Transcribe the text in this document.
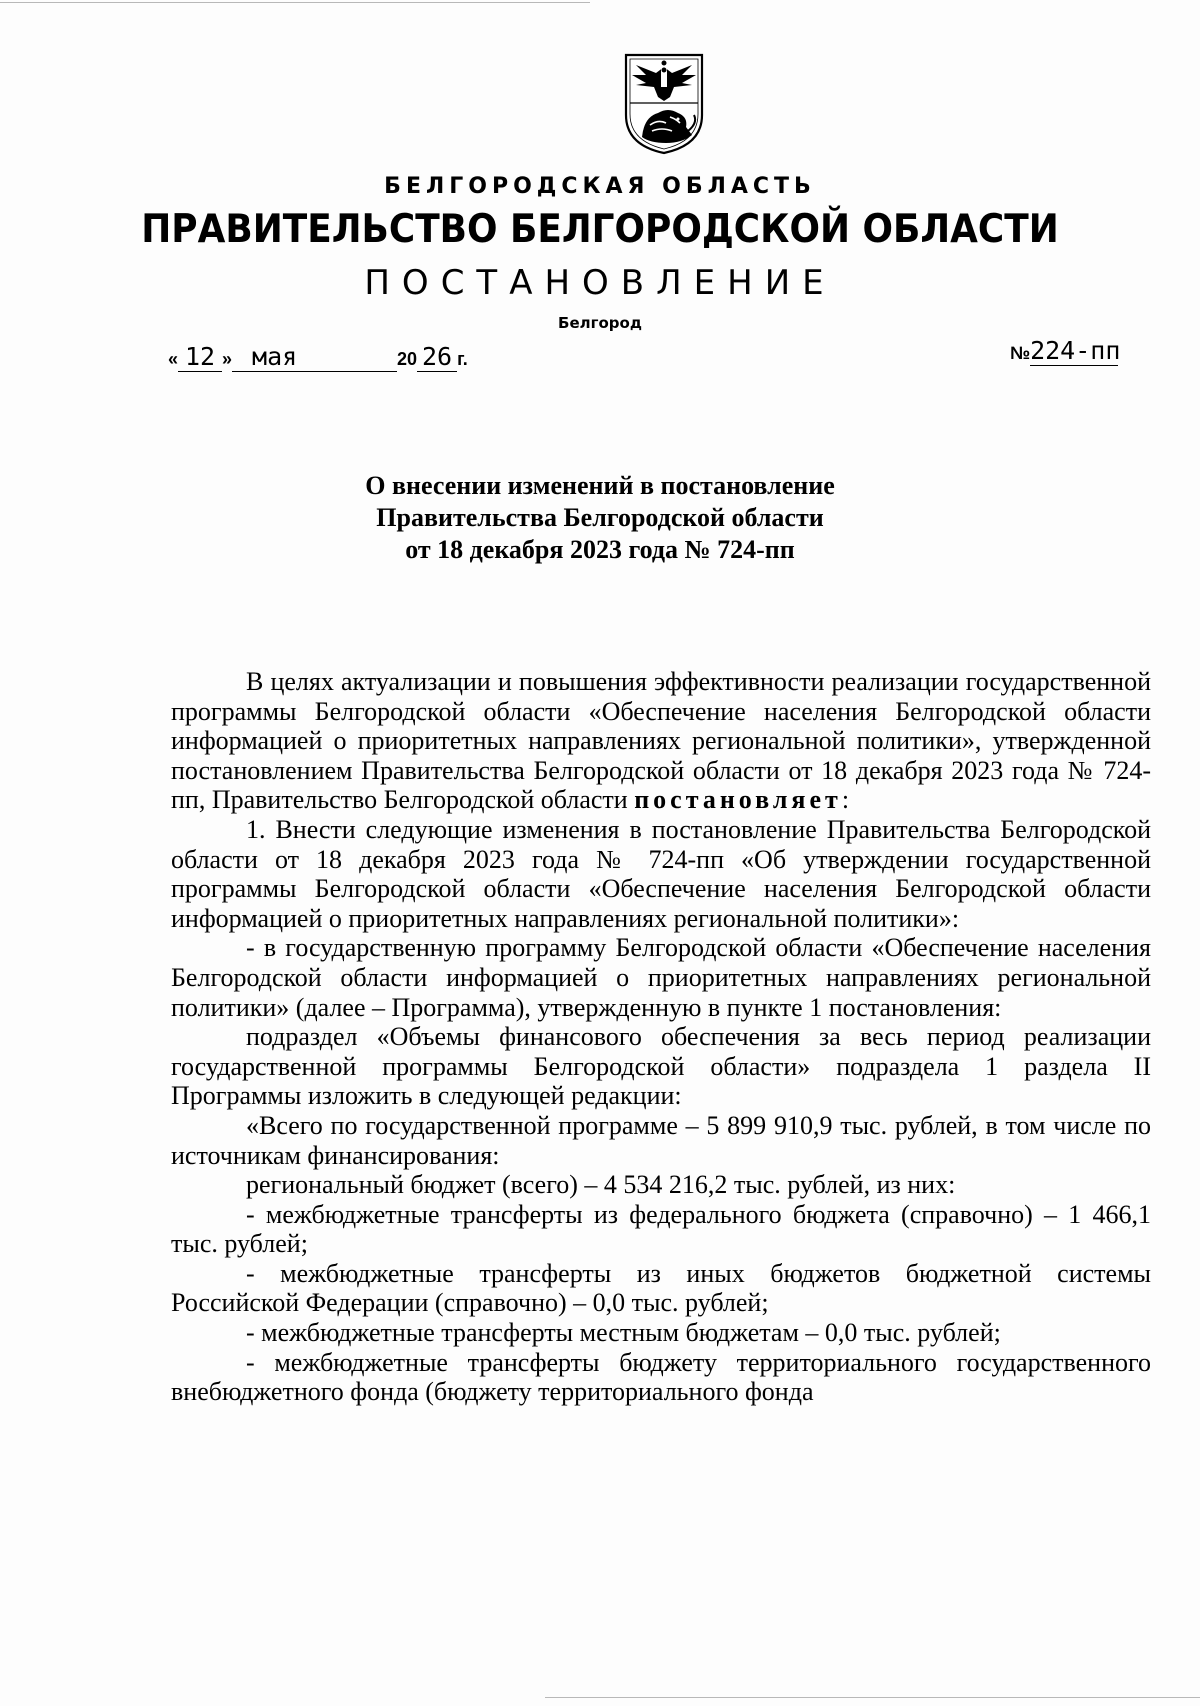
БЕЛГОРОДСКАЯ ОБЛАСТЬ
ПРАВИТЕЛЬСТВО БЕЛГОРОДСКОЙ ОБЛАСТИ
ПОСТАНОВЛЕНИЕ
Белгород
« 12 » мая	20 26 г.	№224-пп
О внесении изменений в постановление
Правительства Белгородской области
от 18 декабря 2023 года № 724-пп

В целях актуализации и повышения эффективности реализации государственной программы Белгородской области «Обеспечение населения Белгородской области информацией о приоритетных направлениях региональной политики», утвержденной постановлением Правительства Белгородской области от 18 декабря 2023 года № 724-пп, Правительство Белгородской области постановляет:

1. Внести следующие изменения в постановление Правительства Белгородской области от 18 декабря 2023 года № 724-пп «Об утверждении государственной программы Белгородской области «Обеспечение населения Белгородской области информацией о приоритетных направлениях региональной политики»:

- в государственную программу Белгородской области «Обеспечение населения Белгородской области информацией о приоритетных направлениях региональной политики» (далее – Программа), утвержденную в пункте 1 постановления:

подраздел «Объемы финансового обеспечения за весь период реализации государственной программы Белгородской области» подраздела 1 раздела II Программы изложить в следующей редакции:

«Всего по государственной программе – 5 899 910,9 тыс. рублей, в том числе по источникам финансирования:

региональный бюджет (всего) – 4 534 216,2 тыс. рублей, из них:

- межбюджетные трансферты из федерального бюджета (справочно) – 1 466,1 тыс. рублей;

- межбюджетные трансферты из иных бюджетов бюджетной системы Российской Федерации (справочно) – 0,0 тыс. рублей;

- межбюджетные трансферты местным бюджетам – 0,0 тыс. рублей;

- межбюджетные трансферты бюджету территориального государственного внебюджетного фонда (бюджету территориального фонда
